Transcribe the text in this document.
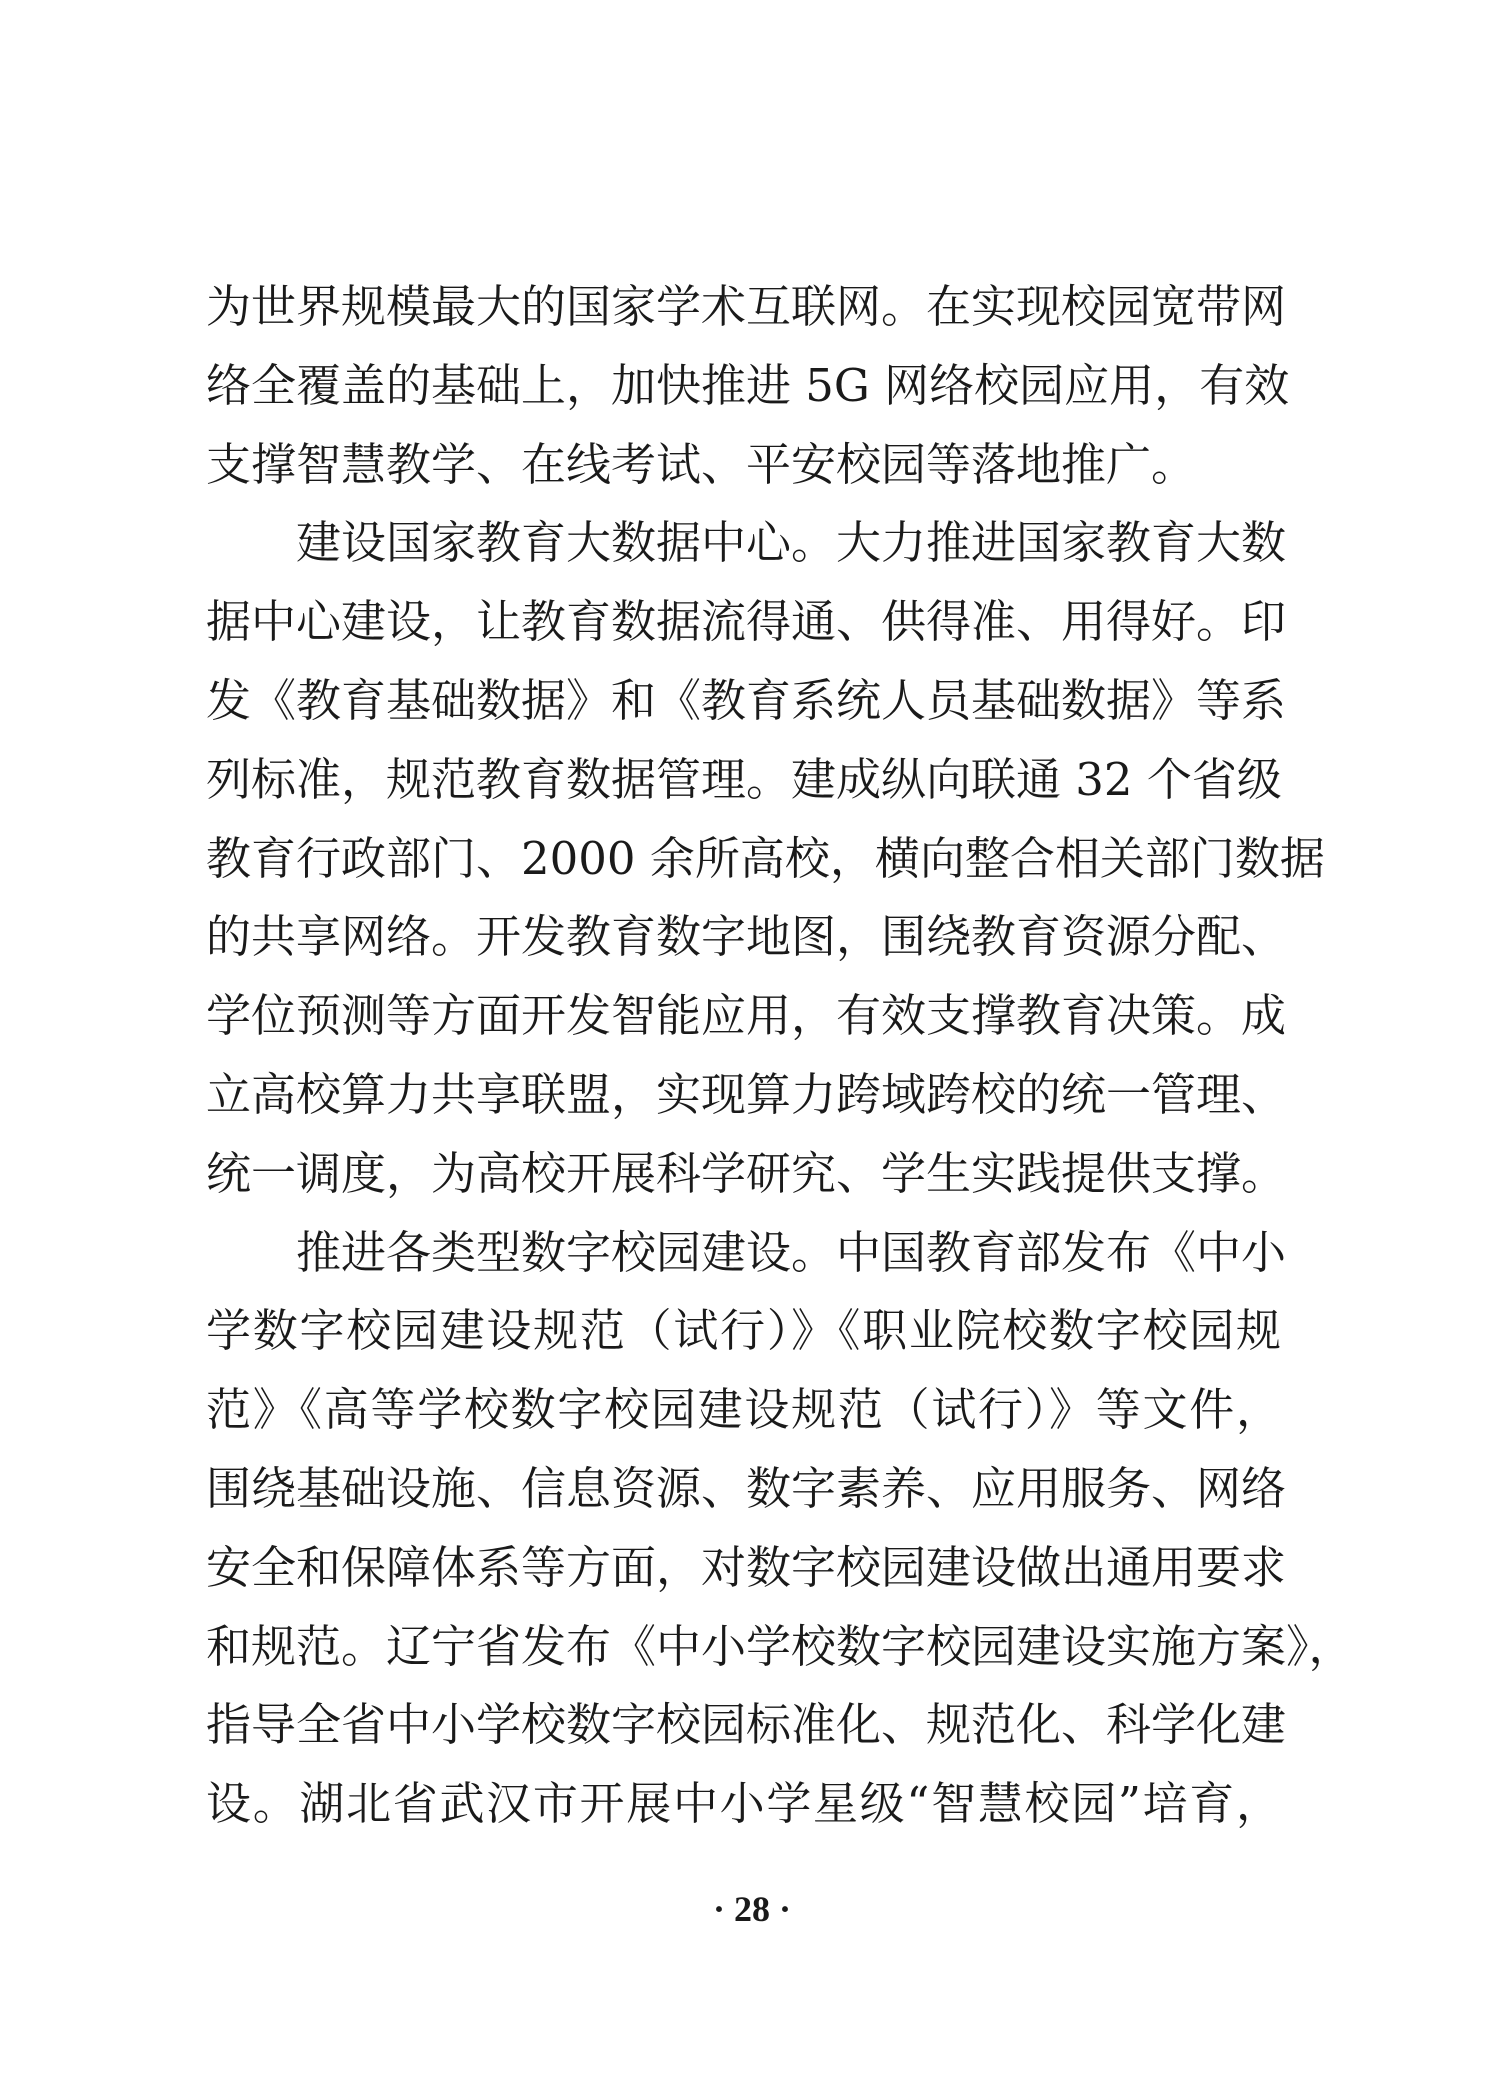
为世界规模最大的国家学术互联网。在实现校园宽带网
络全覆盖的基础上，加快推进 5G 网络校园应用，有效
支撑智慧教学、在线考试、平安校园等落地推广。
建设国家教育大数据中心。大力推进国家教育大数
据中心建设，让教育数据流得通、供得准、用得好。印
发《教育基础数据》和《教育系统人员基础数据》等系
列标准，规范教育数据管理。建成纵向联通 32 个省级
教育行政部门、2000 余所高校，横向整合相关部门数据
的共享网络。开发教育数字地图，围绕教育资源分配、
学位预测等方面开发智能应用，有效支撑教育决策。成
立高校算力共享联盟，实现算力跨域跨校的统一管理、
统一调度，为高校开展科学研究、学生实践提供支撑。
推进各类型数字校园建设。中国教育部发布《中小
学数字校园建设规范（试行）》《职业院校数字校园规
范》《高等学校数字校园建设规范（试行）》等文件，
围绕基础设施、信息资源、数字素养、应用服务、网络
安全和保障体系等方面，对数字校园建设做出通用要求
和规范。辽宁省发布《中小学校数字校园建设实施方案》，
指导全省中小学校数字校园标准化、规范化、科学化建
设。湖北省武汉市开展中小学星级“智慧校园”培育，
· 28 ·
